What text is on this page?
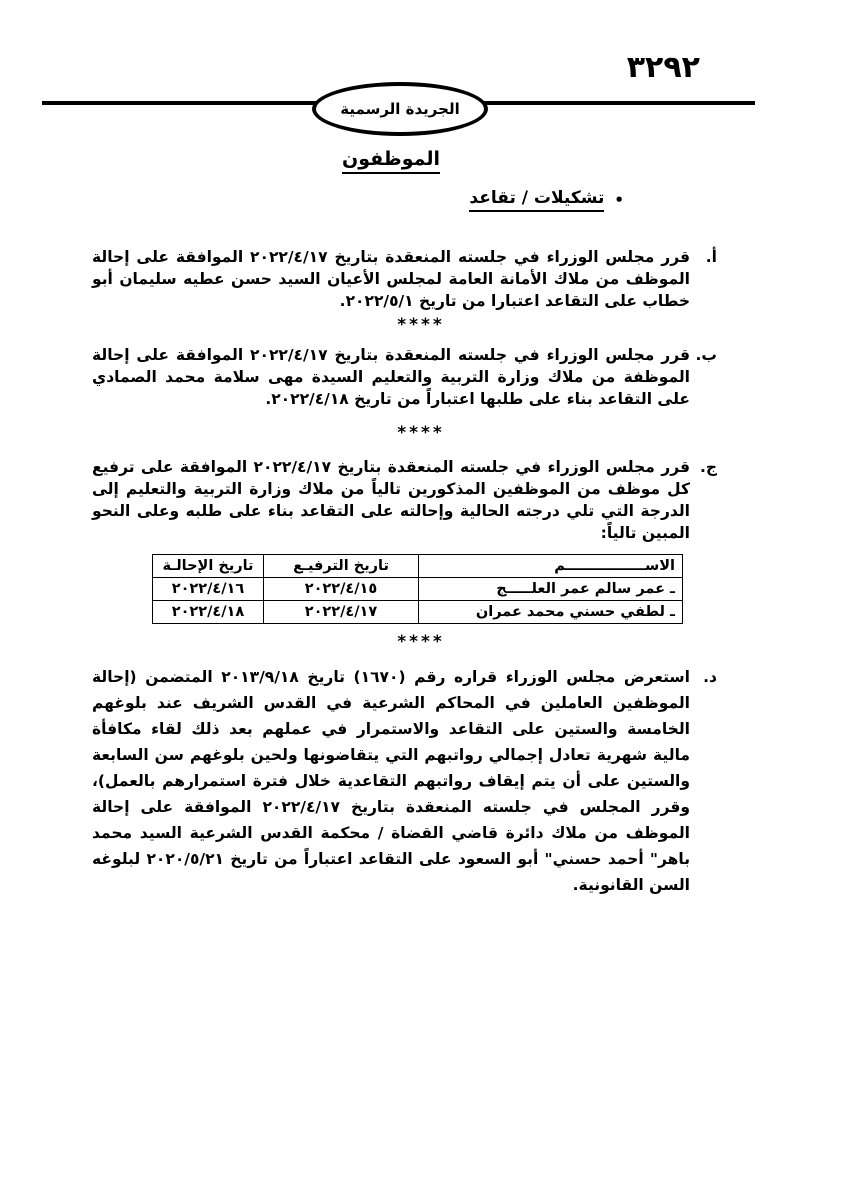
٣٢٩٢
الجريدة الرسمية
الموظفون
•
تشكيلات / تقاعد
أ.
قرر مجلس الوزراء في جلسته المنعقدة بتاريخ ٢٠٢٢/٤/١٧ الموافقة على إحالة الموظف من ملاك الأمانة العامة لمجلس الأعيان السيد حسن عطيه سليمان أبو خطاب على التقاعد اعتبارا من تاريخ ٢٠٢٢/٥/١.
****
ب.
قرر مجلس الوزراء في جلسته المنعقدة بتاريخ ٢٠٢٢/٤/١٧ الموافقة على إحالة الموظفة من ملاك وزارة التربية والتعليم السيدة مهى سلامة محمد الصمادي على التقاعد بناء على طلبها اعتباراً من تاريخ ٢٠٢٢/٤/١٨.
****
ج.
قرر مجلس الوزراء في جلسته المنعقدة بتاريخ ٢٠٢٢/٤/١٧ الموافقة على ترفيع كل موظف من الموظفين المذكورين تالياً من ملاك وزارة التربية والتعليم إلى الدرجة التي تلي درجته الحالية وإحالته على التقاعد بناء على طلبه وعلى النحو المبين تالياً:
الاســــــــــــــــم	تاريخ الترفيـع	تاريخ الإحالـة
ـ عمر سالم عمر العلـــــج	٢٠٢٢/٤/١٥	٢٠٢٢/٤/١٦
ـ لطفي حسني محمد عمران	٢٠٢٢/٤/١٧	٢٠٢٢/٤/١٨
****
د.
استعرض مجلس الوزراء قراره رقم (١٦٧٠) تاريخ ٢٠١٣/٩/١٨ المتضمن (إحالة الموظفين العاملين في المحاكم الشرعية في القدس الشريف عند بلوغهم الخامسة والستين على التقاعد والاستمرار في عملهم بعد ذلك لقاء مكافأة مالية شهرية تعادل إجمالي رواتبهم التي يتقاضونها ولحين بلوغهم سن السابعة والستين على أن يتم إيقاف رواتبهم التقاعدية خلال فترة استمرارهم بالعمل)، وقرر المجلس في جلسته المنعقدة بتاريخ ٢٠٢٢/٤/١٧ الموافقة على إحالة الموظف من ملاك دائرة قاضي القضاة / محكمة القدس الشرعية السيد محمد باهر" أحمد حسني" أبو السعود على التقاعد اعتباراً من تاريخ ٢٠٢٠/٥/٢١ لبلوغه السن القانونية.
